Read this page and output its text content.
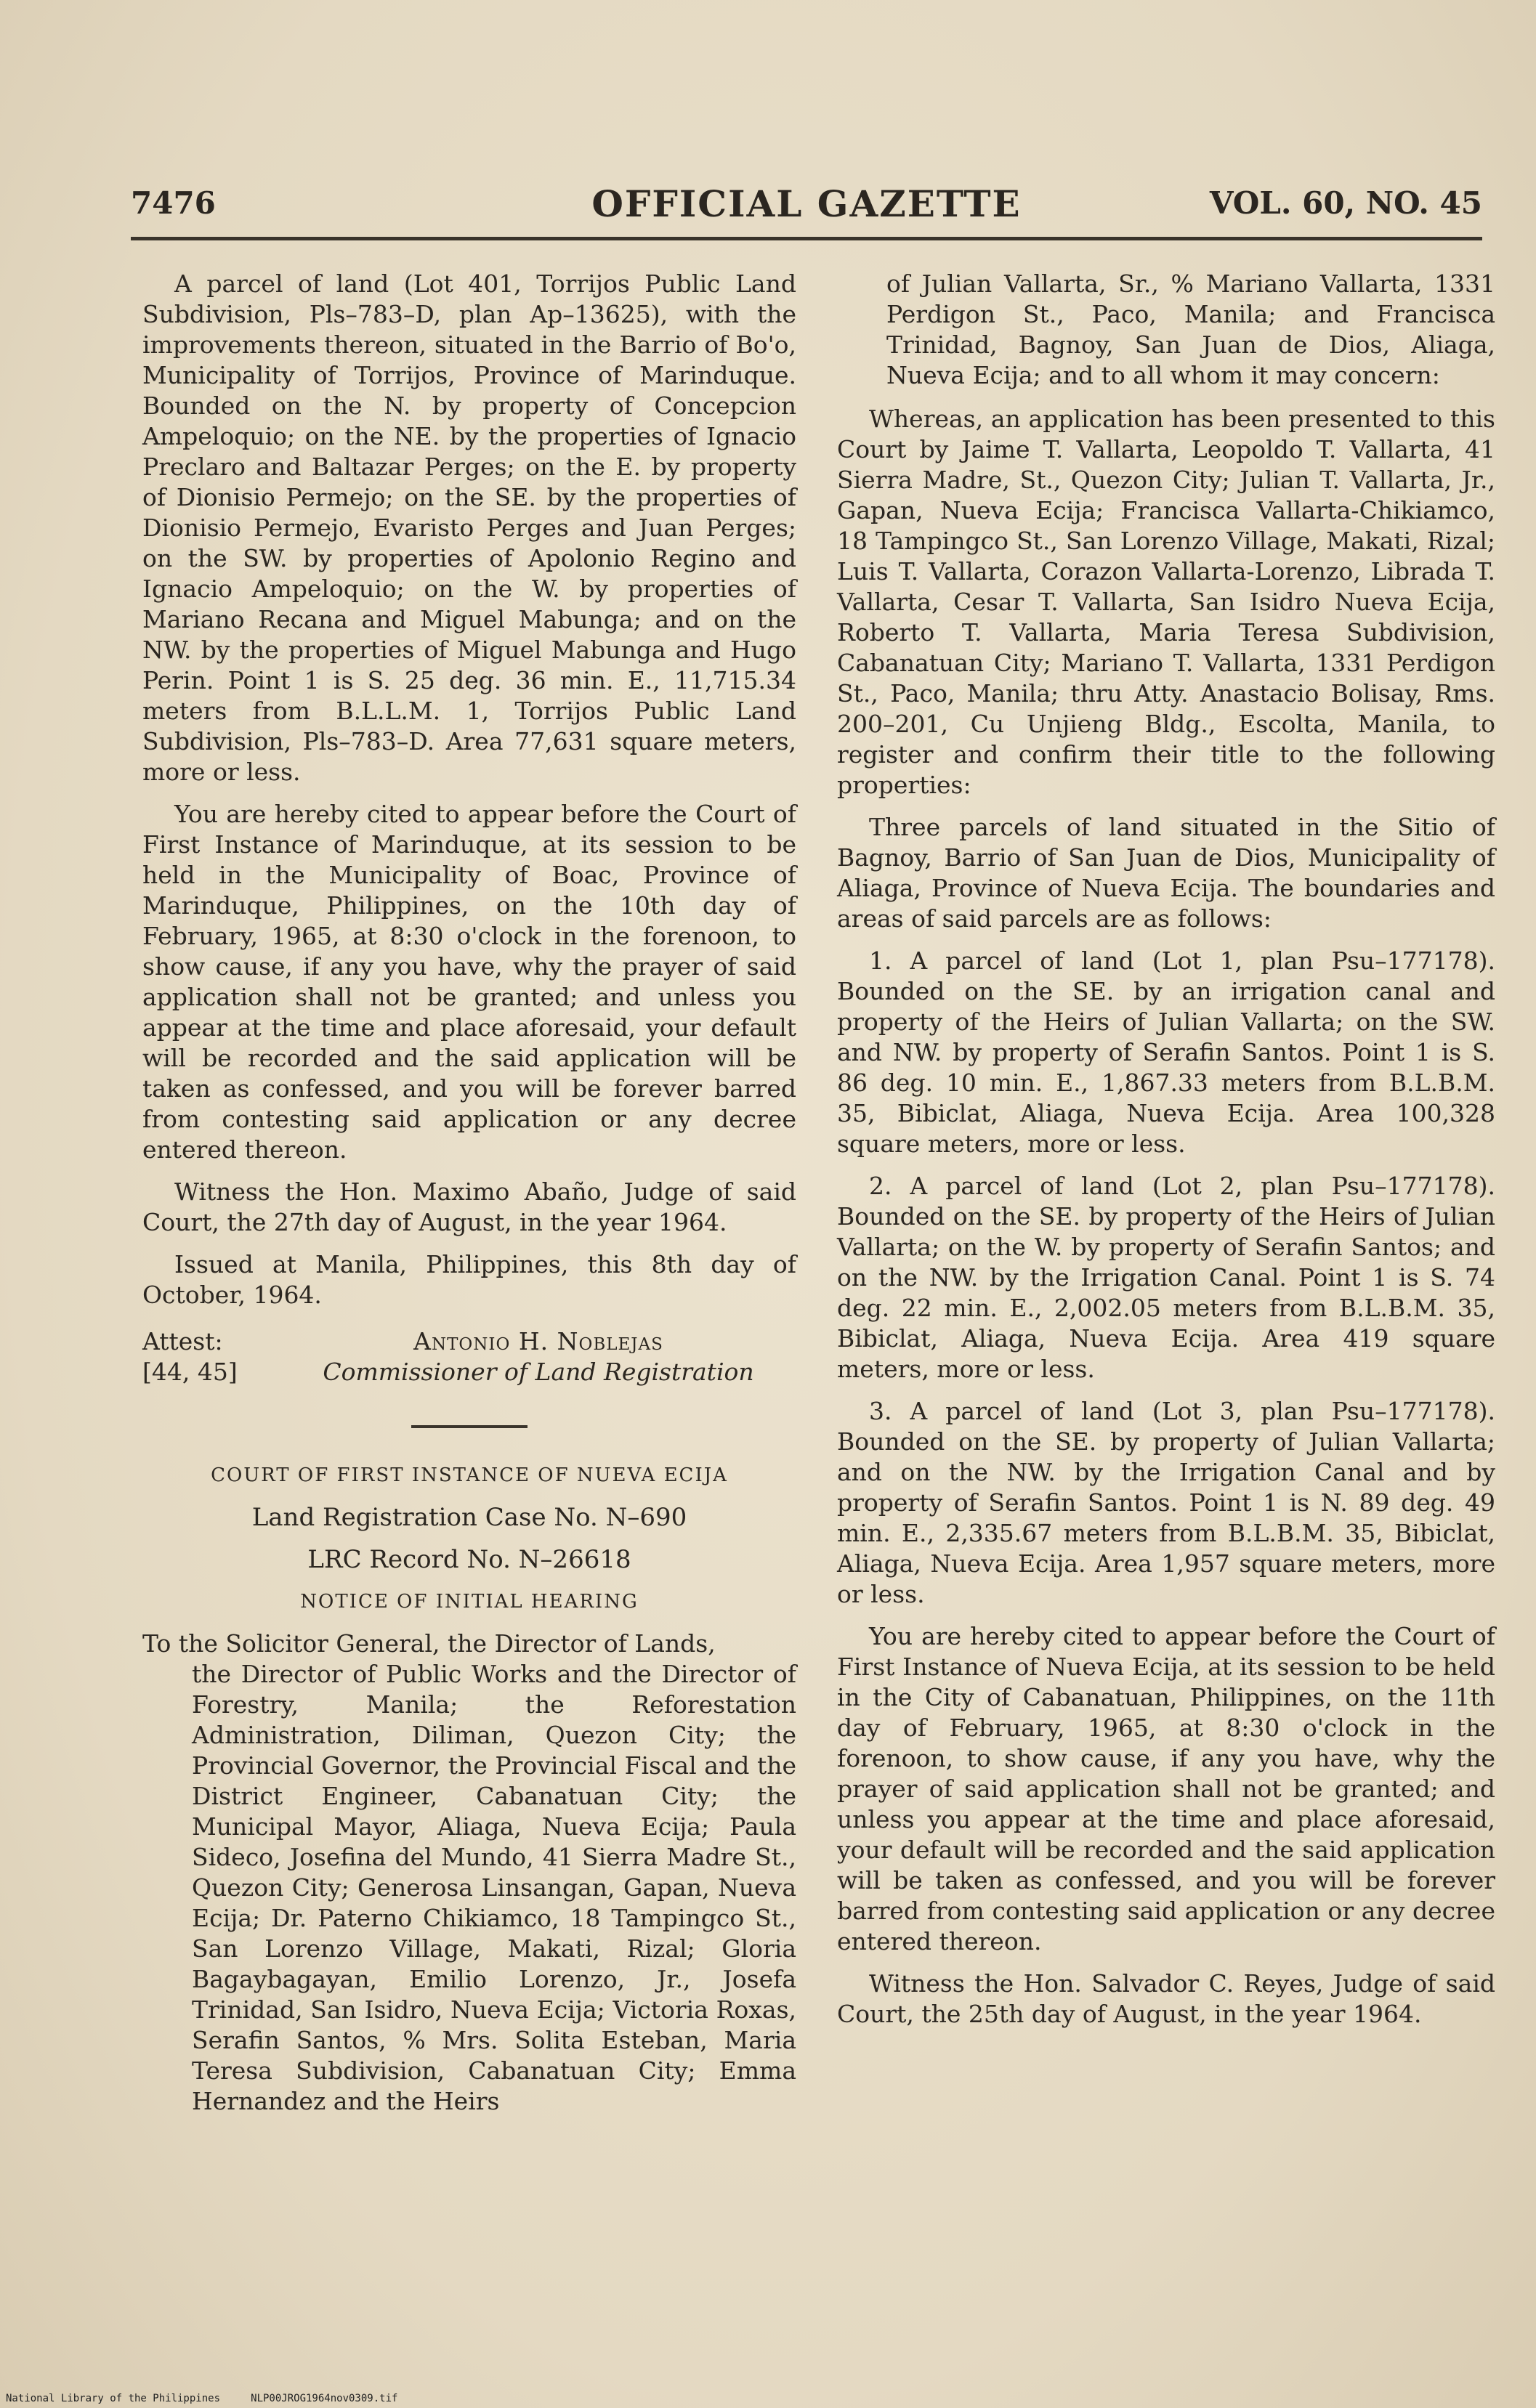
7476	OFFICIAL GAZETTE	VOL. 60, NO. 45

A parcel of land (Lot 401, Torrijos Public Land Subdivision, Pls–783–D, plan Ap–13625), with the improvements thereon, situated in the Barrio of Bo'o, Municipality of Torrijos, Province of Marinduque. Bounded on the N. by property of Concepcion Ampeloquio; on the NE. by the properties of Ignacio Preclaro and Baltazar Perges; on the E. by property of Dionisio Permejo; on the SE. by the properties of Dionisio Permejo, Evaristo Perges and Juan Perges; on the SW. by properties of Apolonio Regino and Ignacio Ampeloquio; on the W. by properties of Mariano Recana and Miguel Mabunga; and on the NW. by the properties of Miguel Mabunga and Hugo Perin. Point 1 is S. 25 deg. 36 min. E., 11,715.34 meters from B.L.L.M. 1, Torrijos Public Land Subdivision, Pls–783–D. Area 77,631 square meters, more or less.

You are hereby cited to appear before the Court of First Instance of Marinduque, at its session to be held in the Municipality of Boac, Province of Marinduque, Philippines, on the 10th day of February, 1965, at 8:30 o'clock in the forenoon, to show cause, if any you have, why the prayer of said application shall not be granted; and unless you appear at the time and place aforesaid, your default will be recorded and the said application will be taken as confessed, and you will be forever barred from contesting said application or any decree entered thereon.

Witness the Hon. Maximo Abaño, Judge of said Court, the 27th day of August, in the year 1964.

Issued at Manila, Philippines, this 8th day of October, 1964.

Attest:
[44, 45]
Antonio H. Noblejas
Commissioner of Land Registration

COURT OF FIRST INSTANCE OF NUEVA ECIJA

Land Registration Case No. N–690

LRC Record No. N–26618

NOTICE OF INITIAL HEARING

To the Solicitor General, the Director of Lands,

the Director of Public Works and the Director of Forestry, Manila; the Reforestation Administration, Diliman, Quezon City; the Provincial Governor, the Provincial Fiscal and the District Engineer, Cabanatuan City; the Municipal Mayor, Aliaga, Nueva Ecija; Paula Sideco, Josefina del Mundo, 41 Sierra Madre St., Quezon City; Generosa Linsangan, Gapan, Nueva Ecija; Dr. Paterno Chikiamco, 18 Tampingco St., San Lorenzo Village, Makati, Rizal; Gloria Bagaybagayan, Emilio Lorenzo, Jr., Josefa Trinidad, San Isidro, Nueva Ecija; Victoria Roxas, Serafin Santos, % Mrs. Solita Esteban, Maria Teresa Subdivision, Cabanatuan City; Emma Hernandez and the Heirs

of Julian Vallarta, Sr., % Mariano Vallarta, 1331 Perdigon St., Paco, Manila; and Francisca Trinidad, Bagnoy, San Juan de Dios, Aliaga, Nueva Ecija; and to all whom it may concern:

Whereas, an application has been presented to this Court by Jaime T. Vallarta, Leopoldo T. Vallarta, 41 Sierra Madre, St., Quezon City; Julian T. Vallarta, Jr., Gapan, Nueva Ecija; Francisca Vallarta-Chikiamco, 18 Tampingco St., San Lorenzo Village, Makati, Rizal; Luis T. Vallarta, Corazon Vallarta-Lorenzo, Librada T. Vallarta, Cesar T. Vallarta, San Isidro Nueva Ecija, Roberto T. Vallarta, Maria Teresa Subdivision, Cabanatuan City; Mariano T. Vallarta, 1331 Perdigon St., Paco, Manila; thru Atty. Anastacio Bolisay, Rms. 200–201, Cu Unjieng Bldg., Escolta, Manila, to register and confirm their title to the following properties:

Three parcels of land situated in the Sitio of Bagnoy, Barrio of San Juan de Dios, Municipality of Aliaga, Province of Nueva Ecija. The boundaries and areas of said parcels are as follows:

1. A parcel of land (Lot 1, plan Psu–177178). Bounded on the SE. by an irrigation canal and property of the Heirs of Julian Vallarta; on the SW. and NW. by property of Serafin Santos. Point 1 is S. 86 deg. 10 min. E., 1,867.33 meters from B.L.B.M. 35, Bibiclat, Aliaga, Nueva Ecija. Area 100,328 square meters, more or less.

2. A parcel of land (Lot 2, plan Psu–177178). Bounded on the SE. by property of the Heirs of Julian Vallarta; on the W. by property of Serafin Santos; and on the NW. by the Irrigation Canal. Point 1 is S. 74 deg. 22 min. E., 2,002.05 meters from B.L.B.M. 35, Bibiclat, Aliaga, Nueva Ecija. Area 419 square meters, more or less.

3. A parcel of land (Lot 3, plan Psu–177178). Bounded on the SE. by property of Julian Vallarta; and on the NW. by the Irrigation Canal and by property of Serafin Santos. Point 1 is N. 89 deg. 49 min. E., 2,335.67 meters from B.L.B.M. 35, Bibiclat, Aliaga, Nueva Ecija. Area 1,957 square meters, more or less.

You are hereby cited to appear before the Court of First Instance of Nueva Ecija, at its session to be held in the City of Cabanatuan, Philippines, on the 11th day of February, 1965, at 8:30 o'clock in the forenoon, to show cause, if any you have, why the prayer of said application shall not be granted; and unless you appear at the time and place aforesaid, your default will be recorded and the said application will be taken as confessed, and you will be forever barred from contesting said application or any decree entered thereon.

Witness the Hon. Salvador C. Reyes, Judge of said Court, the 25th day of August, in the year 1964.

National Library of the Philippines     NLP00JROG1964nov0309.tif
